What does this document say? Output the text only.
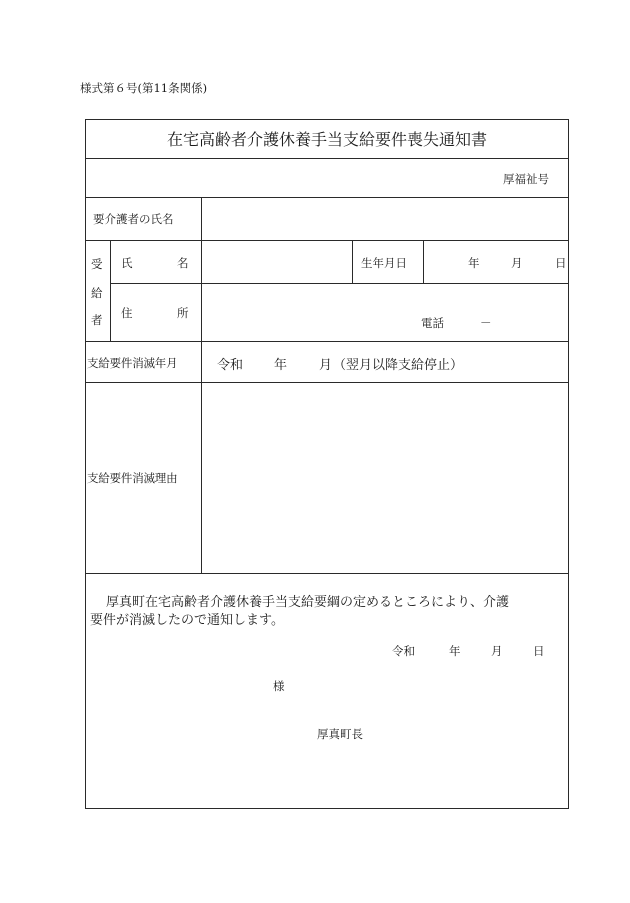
様式第６号(第11条関係)
在宅高齢者介護休養手当支給要件喪失通知書
厚福祉号
要介護者の氏名
受
給
者
氏	名	生年月日	年	月	日
住	所
電話	－
支給要件消滅年月	令和 年 月 （翌月以降支給停止）
支給要件消滅理由
厚真町在宅高齢者介護休養手当支給要綱の定めるところにより、介護
要件が消滅したので通知します。
令和	年	月	日
様
厚真町長
